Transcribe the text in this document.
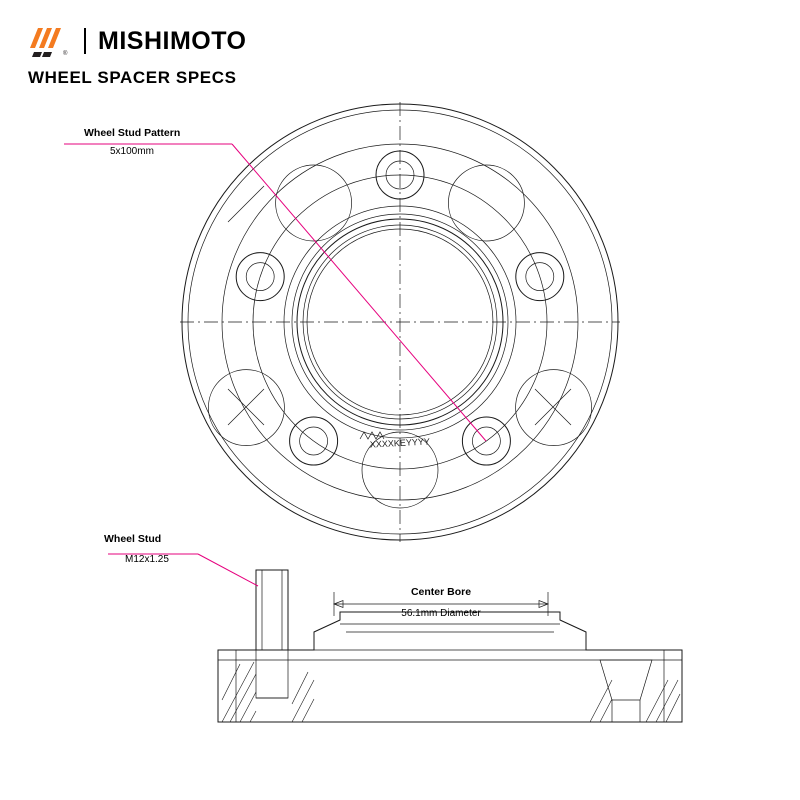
® MISHIMOTO
WHEEL SPACER SPECS
XXXXKEYYYY
Wheel Stud Pattern
5x100mm
Wheel Stud
M12x1.25
Center Bore
56.1mm Diameter
